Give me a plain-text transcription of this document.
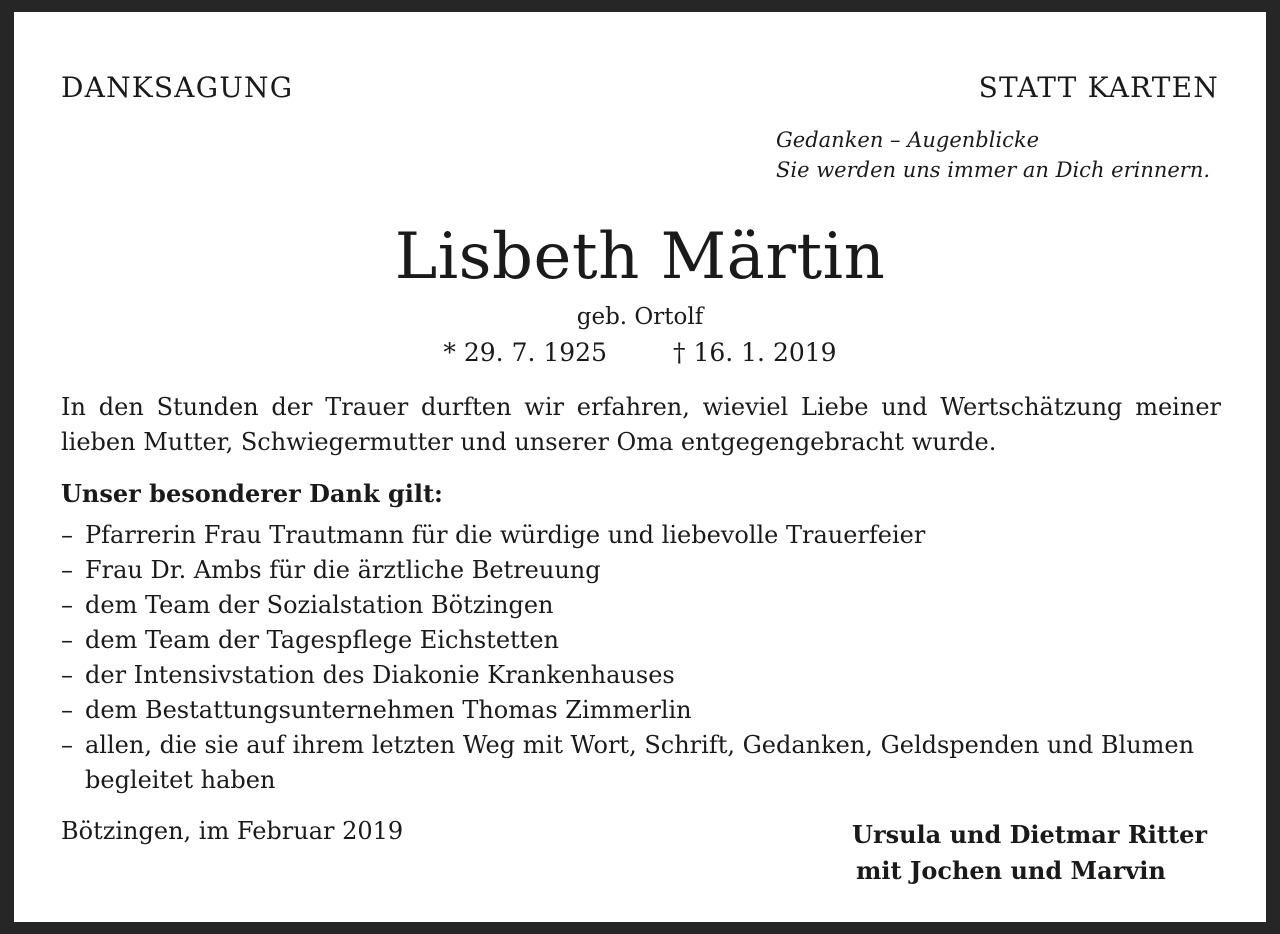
DANKSAGUNG	STATT KARTEN
Gedanken – Augenblicke
Sie werden uns immer an Dich erinnern.
Lisbeth Märtin
geb. Ortolf
* 29. 7. 1925	† 16. 1. 2019
In den Stunden der Trauer durften wir erfahren, wieviel Liebe und Wertschätzung meiner lieben Mutter, Schwiegermutter und unserer Oma entgegengebracht wurde.
Unser besonderer Dank gilt:
– Pfarrerin Frau Trautmann für die würdige und liebevolle Trauerfeier
– Frau Dr. Ambs für die ärztliche Betreuung
– dem Team der Sozialstation Bötzingen
– dem Team der Tagespflege Eichstetten
– der Intensivstation des Diakonie Krankenhauses
– dem Bestattungsunternehmen Thomas Zimmerlin
– allen, die sie auf ihrem letzten Weg mit Wort, Schrift, Gedanken, Geldspenden und Blumen begleitet haben
Bötzingen, im Februar 2019	Ursula und Dietmar Ritter
mit Jochen und Marvin
